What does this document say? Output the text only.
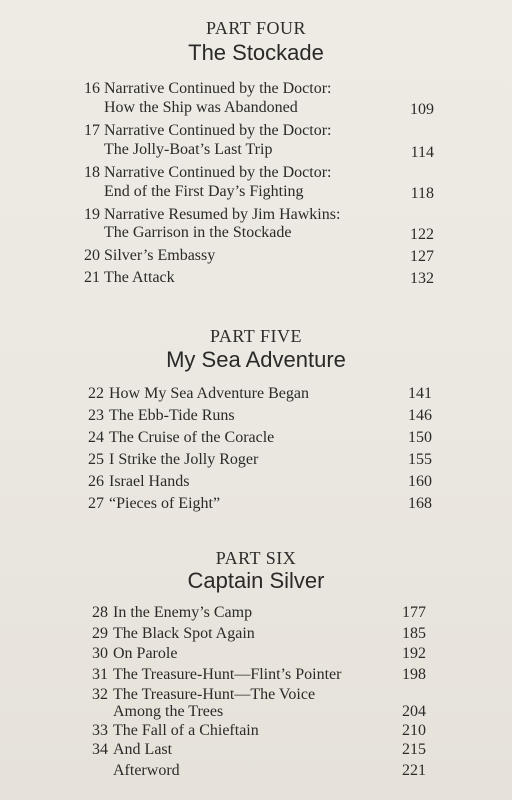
PART FOUR
The Stockade
16 Narrative Continued by the Doctor:
How the Ship was Abandoned	109
17 Narrative Continued by the Doctor:
The Jolly-Boat’s Last Trip	114
18 Narrative Continued by the Doctor:
End of the First Day’s Fighting	118
19 Narrative Resumed by Jim Hawkins:
The Garrison in the Stockade	122
20 Silver’s Embassy	127
21 The Attack	132
PART FIVE
My Sea Adventure
22 How My Sea Adventure Began	141
23 The Ebb-Tide Runs	146
24 The Cruise of the Coracle	150
25 I Strike the Jolly Roger	155
26 Israel Hands	160
27 “Pieces of Eight”	168
PART SIX
Captain Silver
28 In the Enemy’s Camp	177
29 The Black Spot Again	185
30 On Parole	192
31 The Treasure-Hunt—Flint’s Pointer	198
32 The Treasure-Hunt—The Voice
Among the Trees	204
33 The Fall of a Chieftain	210
34 And Last	215
Afterword	221
